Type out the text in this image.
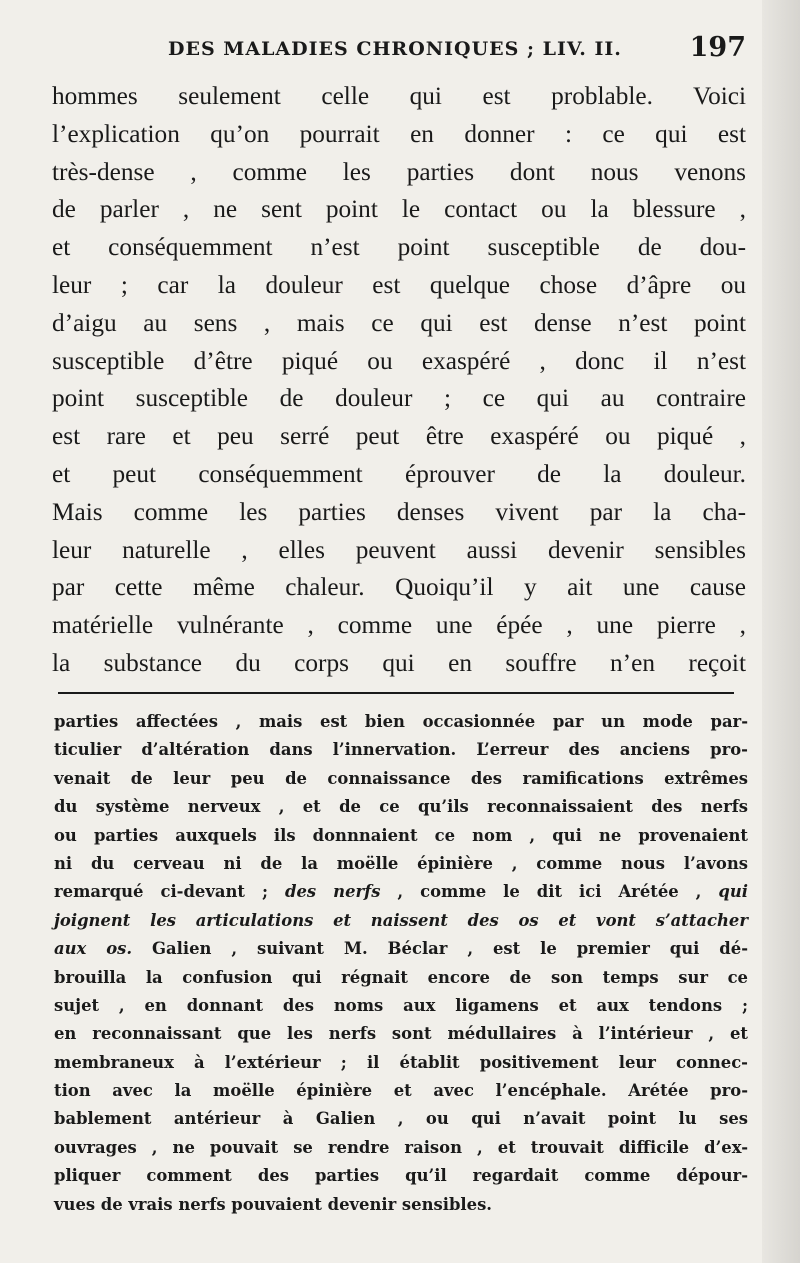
DES MALADIES CHRONIQUES ; LIV. II.	197
hommes seulement celle qui est problable. Voici
l’explication qu’on pourrait en donner : ce qui est
très-dense , comme les parties dont nous venons
de parler , ne sent point le contact ou la blessure ,
et conséquemment n’est point susceptible de dou-
leur ; car la douleur est quelque chose d’âpre ou
d’aigu au sens , mais ce qui est dense n’est point
susceptible d’être piqué ou exaspéré , donc il n’est
point susceptible de douleur ; ce qui au contraire
est rare et peu serré peut être exaspéré ou piqué ,
et peut conséquemment éprouver de la douleur.
Mais comme les parties denses vivent par la cha-
leur naturelle , elles peuvent aussi devenir sensibles
par cette même chaleur. Quoiqu’il y ait une cause
matérielle vulnérante , comme une épée , une pierre ,
la substance du corps qui en souffre n’en reçoit
parties affectées , mais est bien occasionnée par un mode par-
ticulier d’altération dans l’innervation. L’erreur des anciens pro-
venait de leur peu de connaissance des ramifications extrêmes
du système nerveux , et de ce qu’ils reconnaissaient des nerfs
ou parties auxquels ils donnnaient ce nom , qui ne provenaient
ni du cerveau ni de la moëlle épinière , comme nous l’avons
remarqué ci-devant ; des nerfs , comme le dit ici Arétée , qui
joignent les articulations et naissent des os et vont s’attacher
aux os. Galien , suivant M. Béclar , est le premier qui dé-
brouilla la confusion qui régnait encore de son temps sur ce
sujet , en donnant des noms aux ligamens et aux tendons ;
en reconnaissant que les nerfs sont médullaires à l’intérieur , et
membraneux à l’extérieur ; il établit positivement leur connec-
tion avec la moëlle épinière et avec l’encéphale. Arétée pro-
bablement antérieur à Galien , ou qui n’avait point lu ses
ouvrages , ne pouvait se rendre raison , et trouvait difficile d’ex-
pliquer comment des parties qu’il regardait comme dépour-
vues de vrais nerfs pouvaient devenir sensibles.
